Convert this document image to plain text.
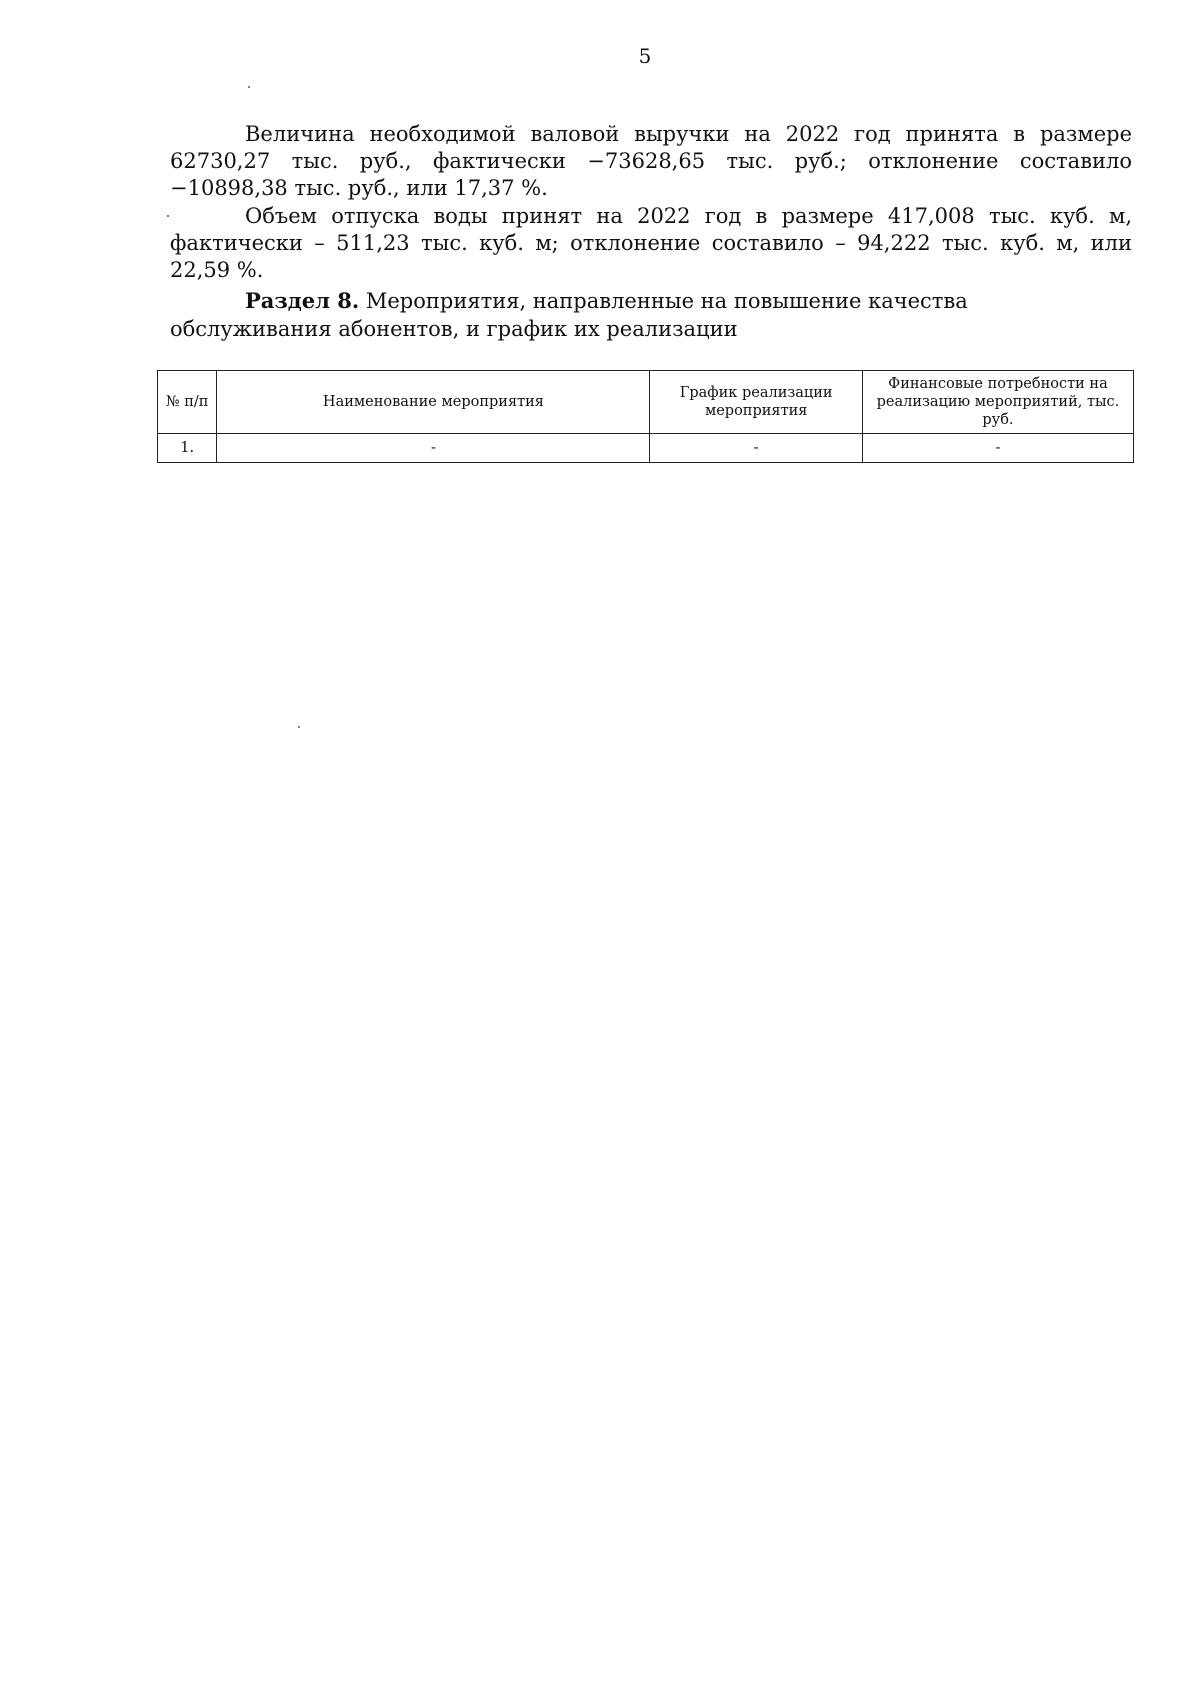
5

Величина необходимой валовой выручки на 2022 год принята в размере 62730,27 тыс. руб., фактически −73628,65 тыс. руб.; отклонение составило −10898,38 тыс. руб., или 17,37 %.

Объем отпуска воды принят на 2022 год в размере 417,008 тыс. куб. м, фактически – 511,23 тыс. куб. м; отклонение составило – 94,222 тыс. куб. м, или 22,59 %.

Раздел 8. Мероприятия, направленные на повышение качества обслуживания абонентов, и график их реализации
№ п/п	Наименование мероприятия	График реализации мероприятия	Финансовые потребности на реализацию мероприятий, тыс. руб.
1.	-	-	-
